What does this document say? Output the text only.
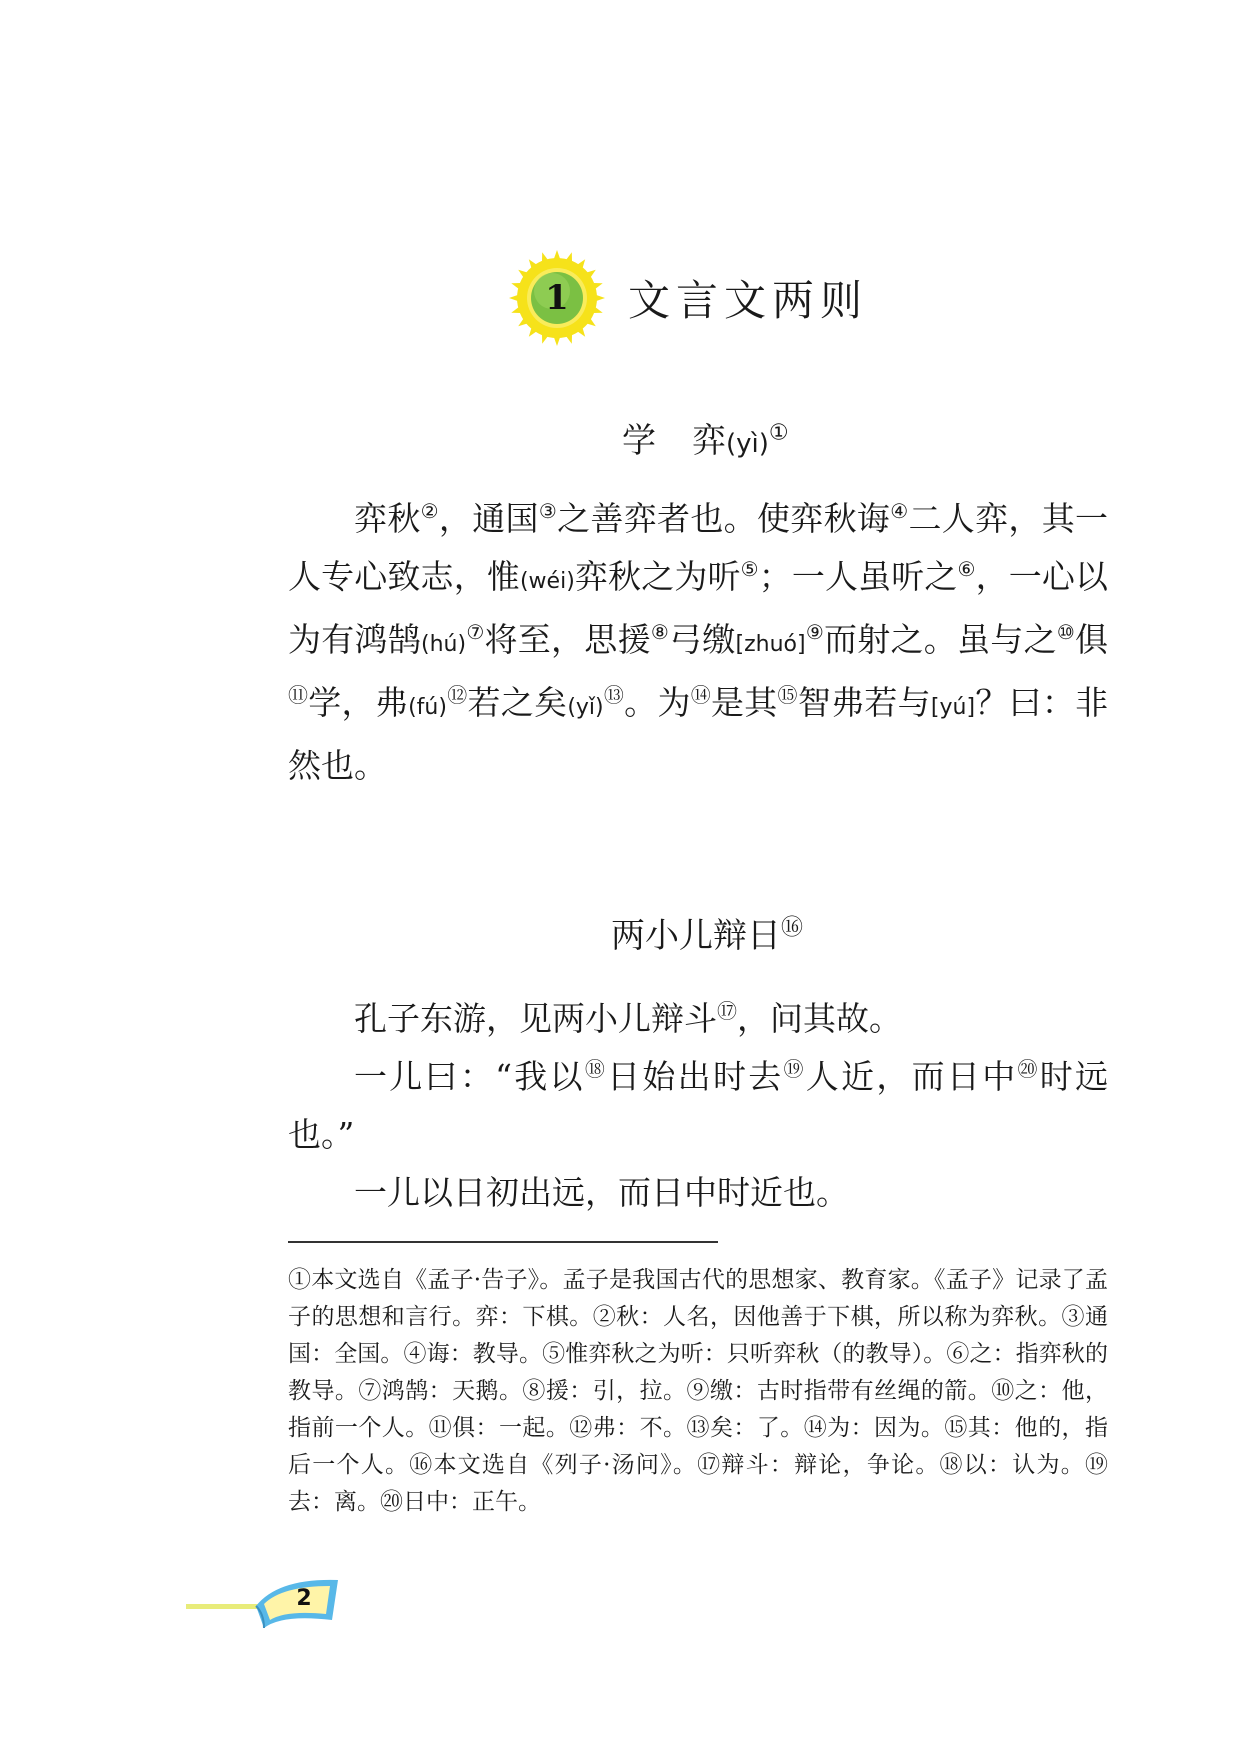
1	文言文两则
学 弈(yì)①

弈秋②，通国③之善弈者也。使弈秋诲④二人弈，其一人专心致志，惟(wéi)弈秋之为听⑤；一人虽听之⑥，一心以为有鸿鹄(hú)⑦将至，思援⑧弓缴[zhuó]⑨而射之。虽与之⑩俱⑪学，弗(fú)⑫若之矣(yǐ)⑬。为⑭是其⑮智弗若与[yú]？曰：非然也。

两小儿辩日⑯

孔子东游，见两小儿辩斗⑰，问其故。

一儿曰：“我以⑱日始出时去⑲人近，而日中⑳时远也。”

一儿以日初出远，而日中时近也。

①本文选自《孟子·告子》。孟子是我国古代的思想家、教育家。《孟子》记录了孟子的思想和言行。弈：下棋。②秋：人名，因他善于下棋，所以称为弈秋。③通国：全国。④诲：教导。⑤惟弈秋之为听：只听弈秋（的教导）。⑥之：指弈秋的教导。⑦鸿鹄：天鹅。⑧援：引，拉。⑨缴：古时指带有丝绳的箭。⑩之：他，指前一个人。⑪俱：一起。⑫弗：不。⑬矣：了。⑭为：因为。⑮其：他的，指后一个人。⑯本文选自《列子·汤问》。⑰辩斗：辩论，争论。⑱以：认为。⑲去：离。⑳日中：正午。
2
